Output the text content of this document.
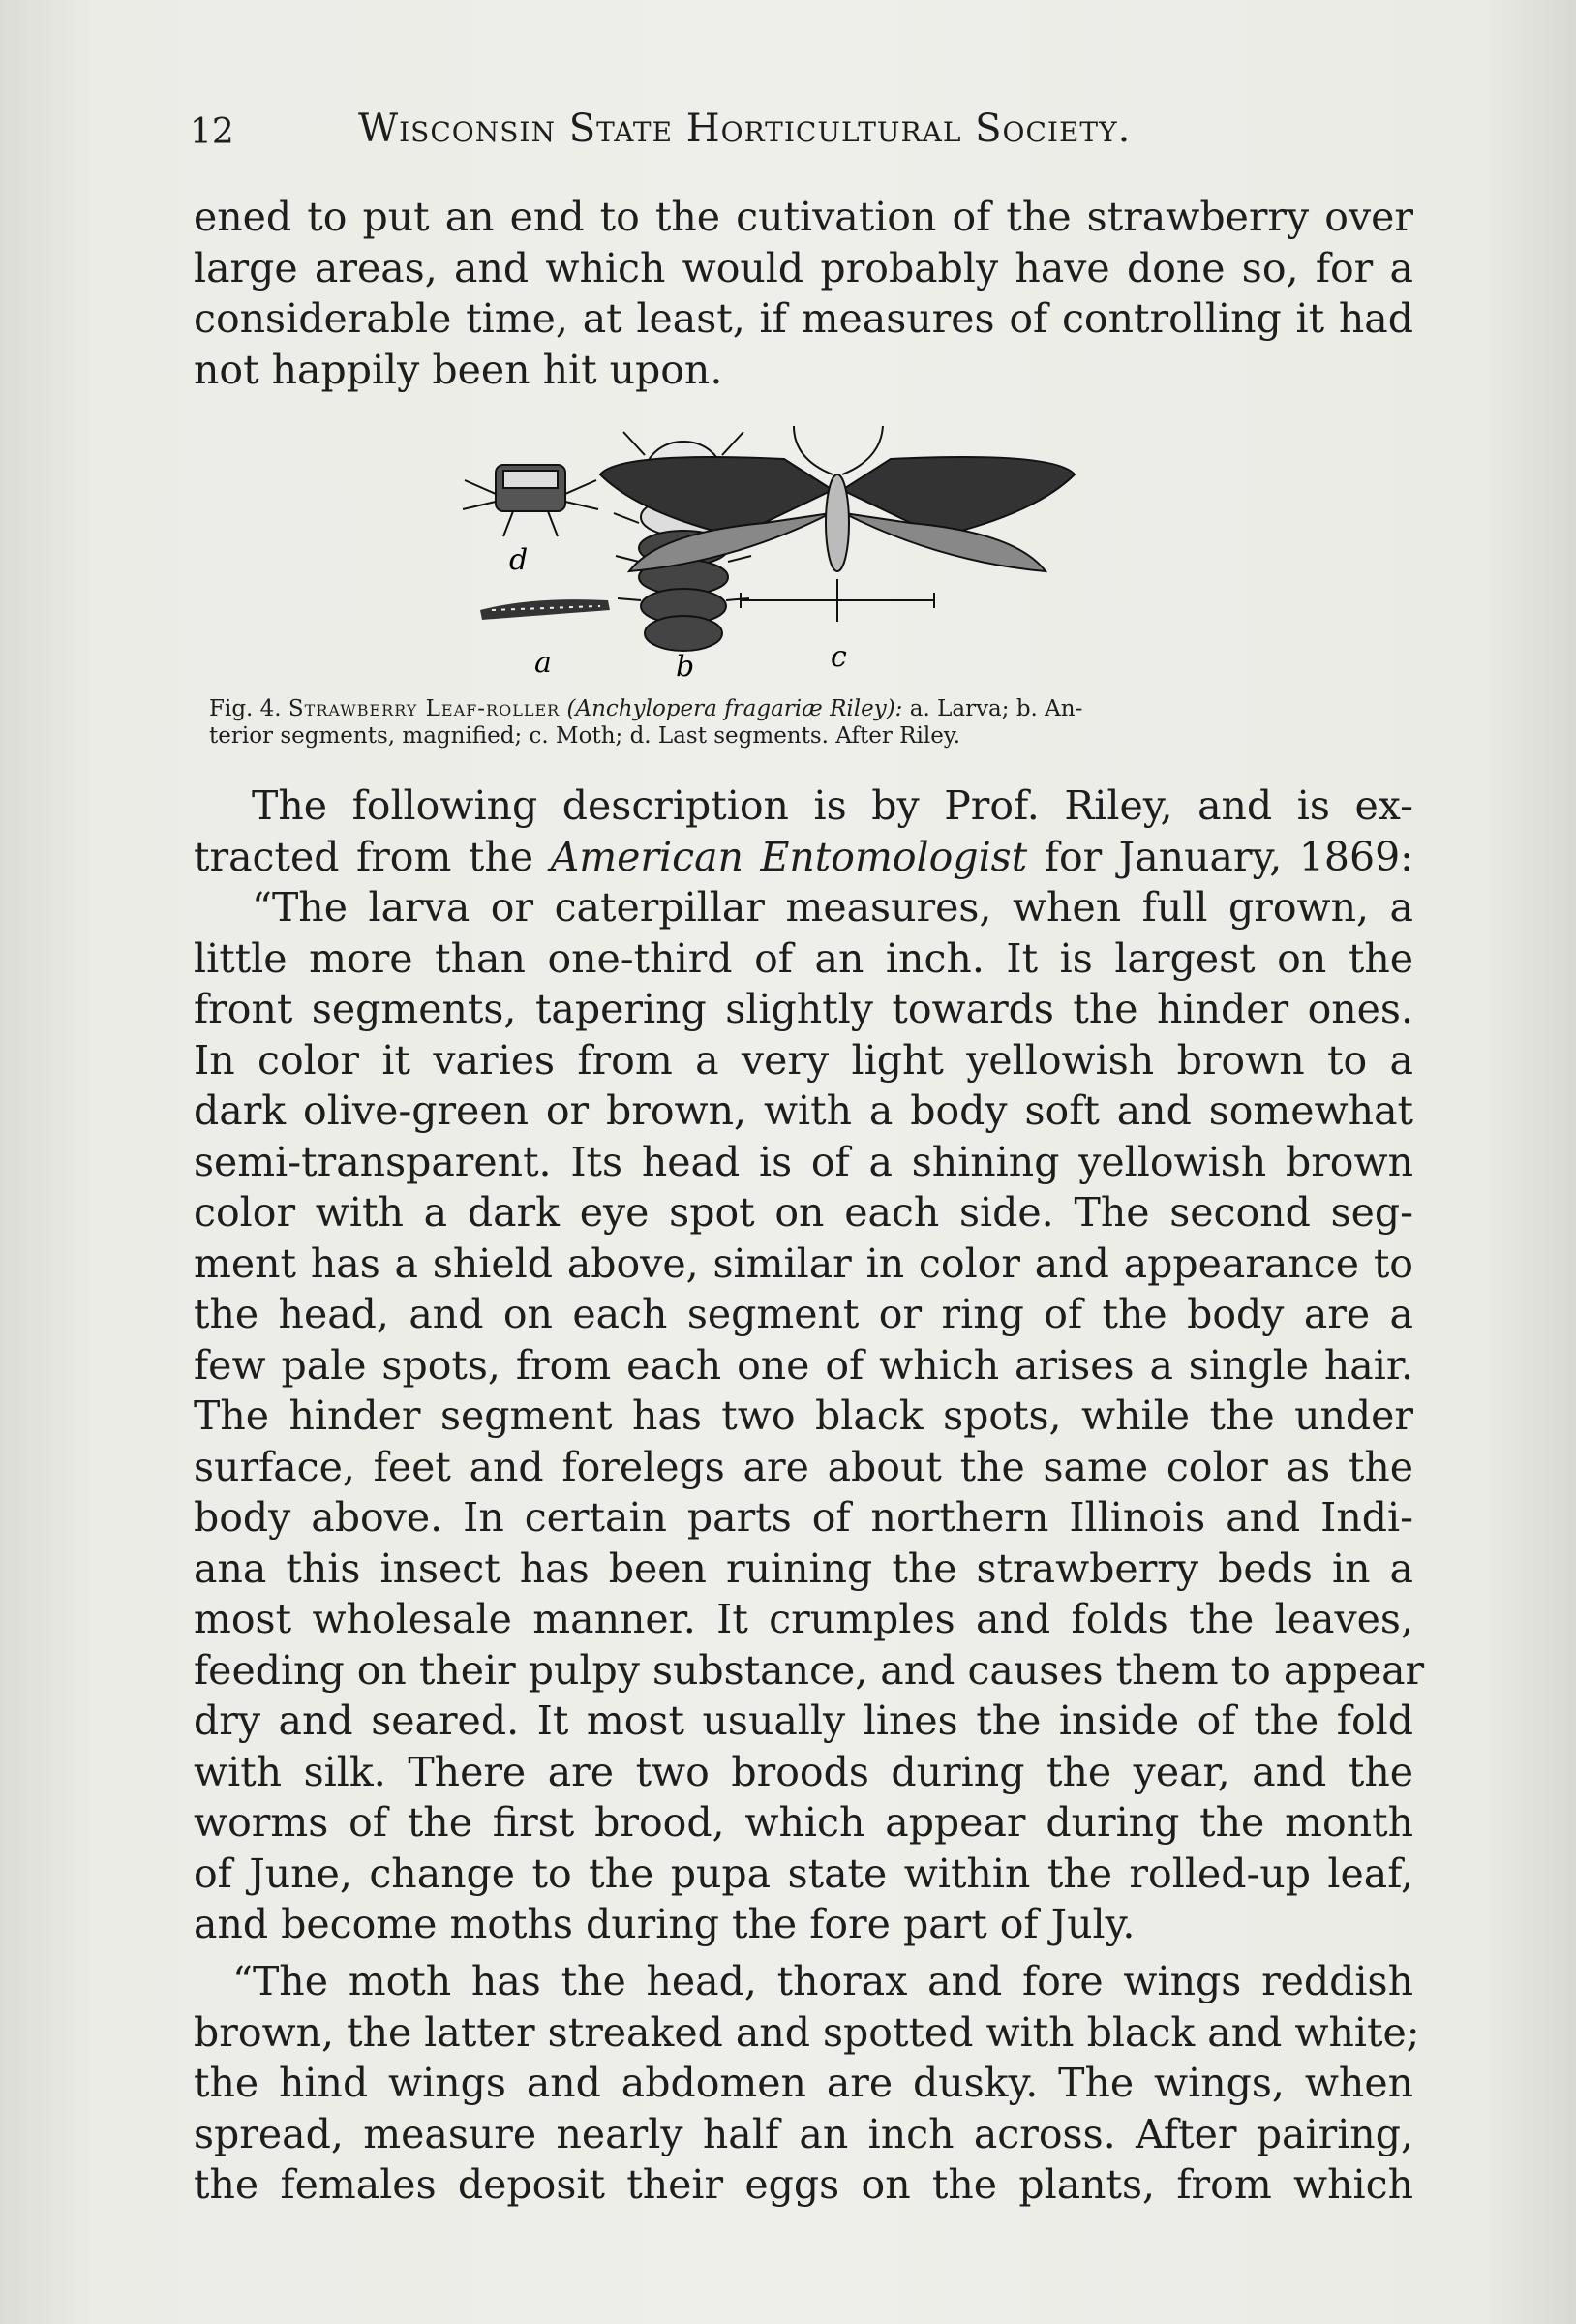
12	Wisconsin State Horticultural Society.
ened to put an end to the cutivation of the strawberry over
large areas, and which would probably have done so, for a
considerable time, at least, if measures of controlling it had
not happily been hit upon.
d
a	b	c
Fig. 4. Strawberry Leaf-roller (Anchylopera fragariæ Riley): a. Larva; b. An-
terior segments, magnified; c. Moth; d. Last segments. After Riley.
The following description is by Prof. Riley, and is ex-
tracted from the American Entomologist for January, 1869:
“The larva or caterpillar measures, when full grown, a
little more than one-third of an inch. It is largest on the
front segments, tapering slightly towards the hinder ones.
In color it varies from a very light yellowish brown to a
dark olive-green or brown, with a body soft and somewhat
semi-transparent. Its head is of a shining yellowish brown
color with a dark eye spot on each side. The second seg-
ment has a shield above, similar in color and appearance to
the head, and on each segment or ring of the body are a
few pale spots, from each one of which arises a single hair.
The hinder segment has two black spots, while the under
surface, feet and forelegs are about the same color as the
body above. In certain parts of northern Illinois and Indi-
ana this insect has been ruining the strawberry beds in a
most wholesale manner. It crumples and folds the leaves,
feeding on their pulpy substance, and causes them to appear
dry and seared. It most usually lines the inside of the fold
with silk. There are two broods during the year, and the
worms of the first brood, which appear during the month
of June, change to the pupa state within the rolled-up leaf,
and become moths during the fore part of July.
“The moth has the head, thorax and fore wings reddish
brown, the latter streaked and spotted with black and white;
the hind wings and abdomen are dusky. The wings, when
spread, measure nearly half an inch across. After pairing,
the females deposit their eggs on the plants, from which
